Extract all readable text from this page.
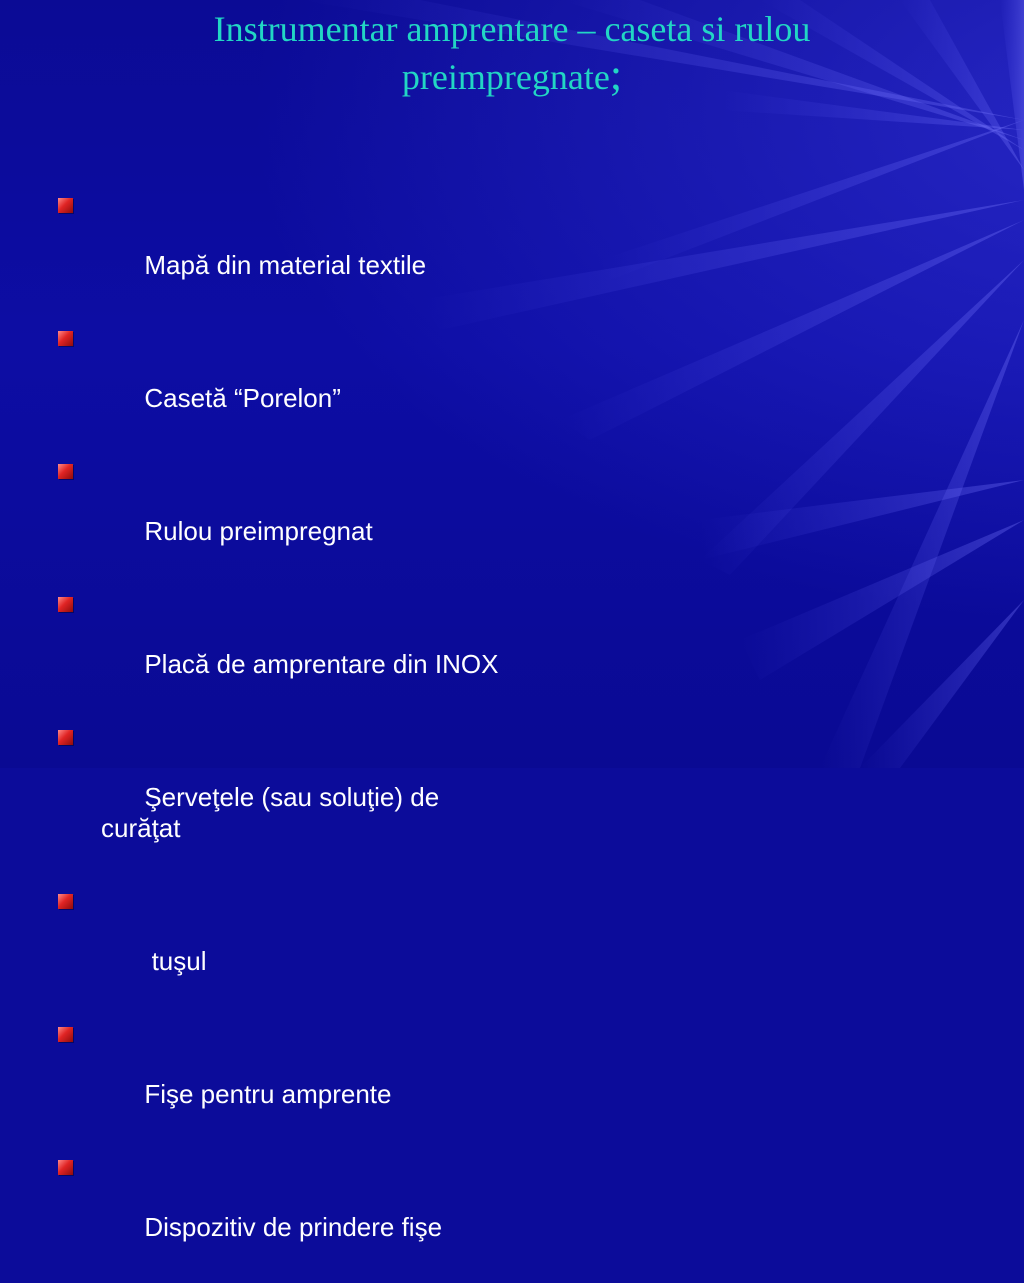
Instrumentar amprentare – caseta si rulou
preimpregnate;

Mapă din material textile

Casetă “Porelon”

Rulou preimpregnat

Placă de amprentare din INOX

Şerveţele (sau soluţie) de curăţat

tuşul

Fişe pentru amprente

Dispozitiv de prindere fişe
